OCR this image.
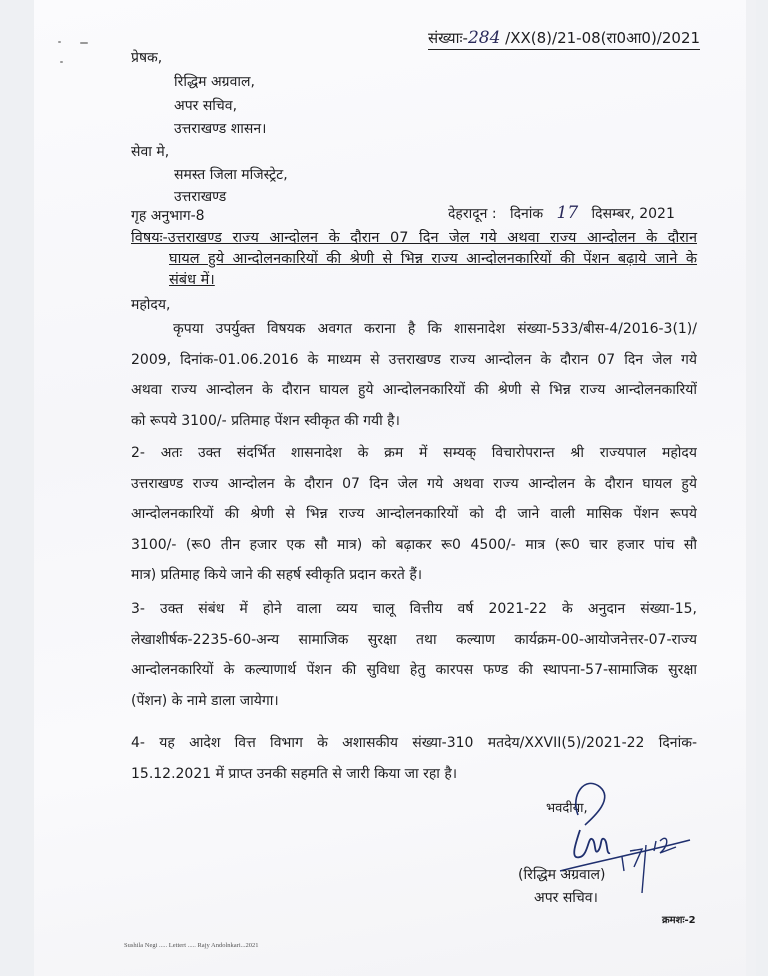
संख्याः-284 /XX(8)/21-08(रा0आ0)/2021
प्रेषक,
रिद्धिम अग्रवाल,
अपर सचिव,
उत्तराखण्ड शासन।
सेवा मे,
समस्त जिला मजिस्ट्रेट,
उत्तराखण्ड
गृह अनुभाग-8	देहरादून : दिनांक 17 दिसम्बर, 2021
विषयः-उत्तराखण्ड राज्य आन्दोलन के दौरान 07 दिन जेल गये अथवा राज्य आन्दोलन के दौरान
घायल हुये आन्दोलनकारियों की श्रेणी से भिन्न राज्य आन्दोलनकारियों की पेंशन बढ़ाये जाने के
संबंध में।
महोदय,
कृपया उपर्युक्त विषयक अवगत कराना है कि शासनादेश संख्या-533/बीस-4/2016-3(1)/
2009, दिनांक-01.06.2016 के माध्यम से उत्तराखण्ड राज्य आन्दोलन के दौरान 07 दिन जेल गये
अथवा राज्य आन्दोलन के दौरान घायल हुये आन्दोलनकारियों की श्रेणी से भिन्न राज्य आन्दोलनकारियों
को रूपये 3100/- प्रतिमाह पेंशन स्वीकृत की गयी है।
2- अतः उक्त संदर्भित शासनादेश के क्रम में सम्यक् विचारोपरान्त श्री राज्यपाल महोदय
उत्तराखण्ड राज्य आन्दोलन के दौरान 07 दिन जेल गये अथवा राज्य आन्दोलन के दौरान घायल हुये
आन्दोलनकारियों की श्रेणी से भिन्न राज्य आन्दोलनकारियों को दी जाने वाली मासिक पेंशन रूपये
3100/- (रू0 तीन हजार एक सौ मात्र) को बढ़ाकर रू0 4500/- मात्र (रू0 चार हजार पांच सौ
मात्र) प्रतिमाह किये जाने की सहर्ष स्वीकृति प्रदान करते हैं।
3- उक्त संबंध में होने वाला व्यय चालू वित्तीय वर्ष 2021-22 के अनुदान संख्या-15,
लेखाशीर्षक-2235-60-अन्य सामाजिक सुरक्षा तथा कल्याण कार्यक्रम-00-आयोजनेत्तर-07-राज्य
आन्दोलनकारियों के कल्याणार्थ पेंशन की सुविधा हेतु कारपस फण्ड की स्थापना-57-सामाजिक सुरक्षा
(पेंशन) के नामे डाला जायेगा।
4- यह आदेश वित्त विभाग के अशासकीय संख्या-310 मतदेय/XXVII(5)/2021-22 दिनांक-
15.12.2021 में प्राप्त उनकी सहमति से जारी किया जा रहा है।
भवदीया,
(रिद्धिम अग्रवाल)
अपर सचिव।
क्रमशः-2
Sushila Negi ..... Lettert ..... Rajy Andolnkari...2021
